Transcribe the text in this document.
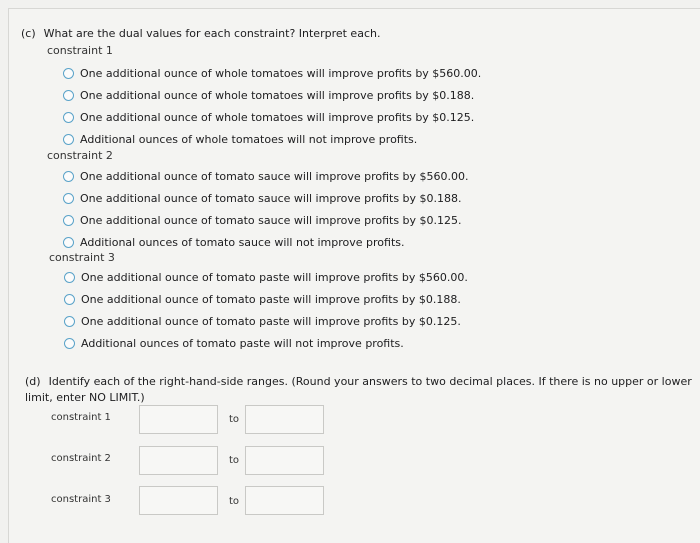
(c) What are the dual values for each constraint? Interpret each.
constraint 1
One additional ounce of whole tomatoes will improve profits by $560.00.
One additional ounce of whole tomatoes will improve profits by $0.188.
One additional ounce of whole tomatoes will improve profits by $0.125.
Additional ounces of whole tomatoes will not improve profits.
constraint 2
One additional ounce of tomato sauce will improve profits by $560.00.
One additional ounce of tomato sauce will improve profits by $0.188.
One additional ounce of tomato sauce will improve profits by $0.125.
Additional ounces of tomato sauce will not improve profits.
constraint 3
One additional ounce of tomato paste will improve profits by $560.00.
One additional ounce of tomato paste will improve profits by $0.188.
One additional ounce of tomato paste will improve profits by $0.125.
Additional ounces of tomato paste will not improve profits.
(d) Identify each of the right-hand-side ranges. (Round your answers to two decimal places. If there is no upper or lower limit, enter NO LIMIT.)
constraint 1	to
constraint 2	to
constraint 3	to
